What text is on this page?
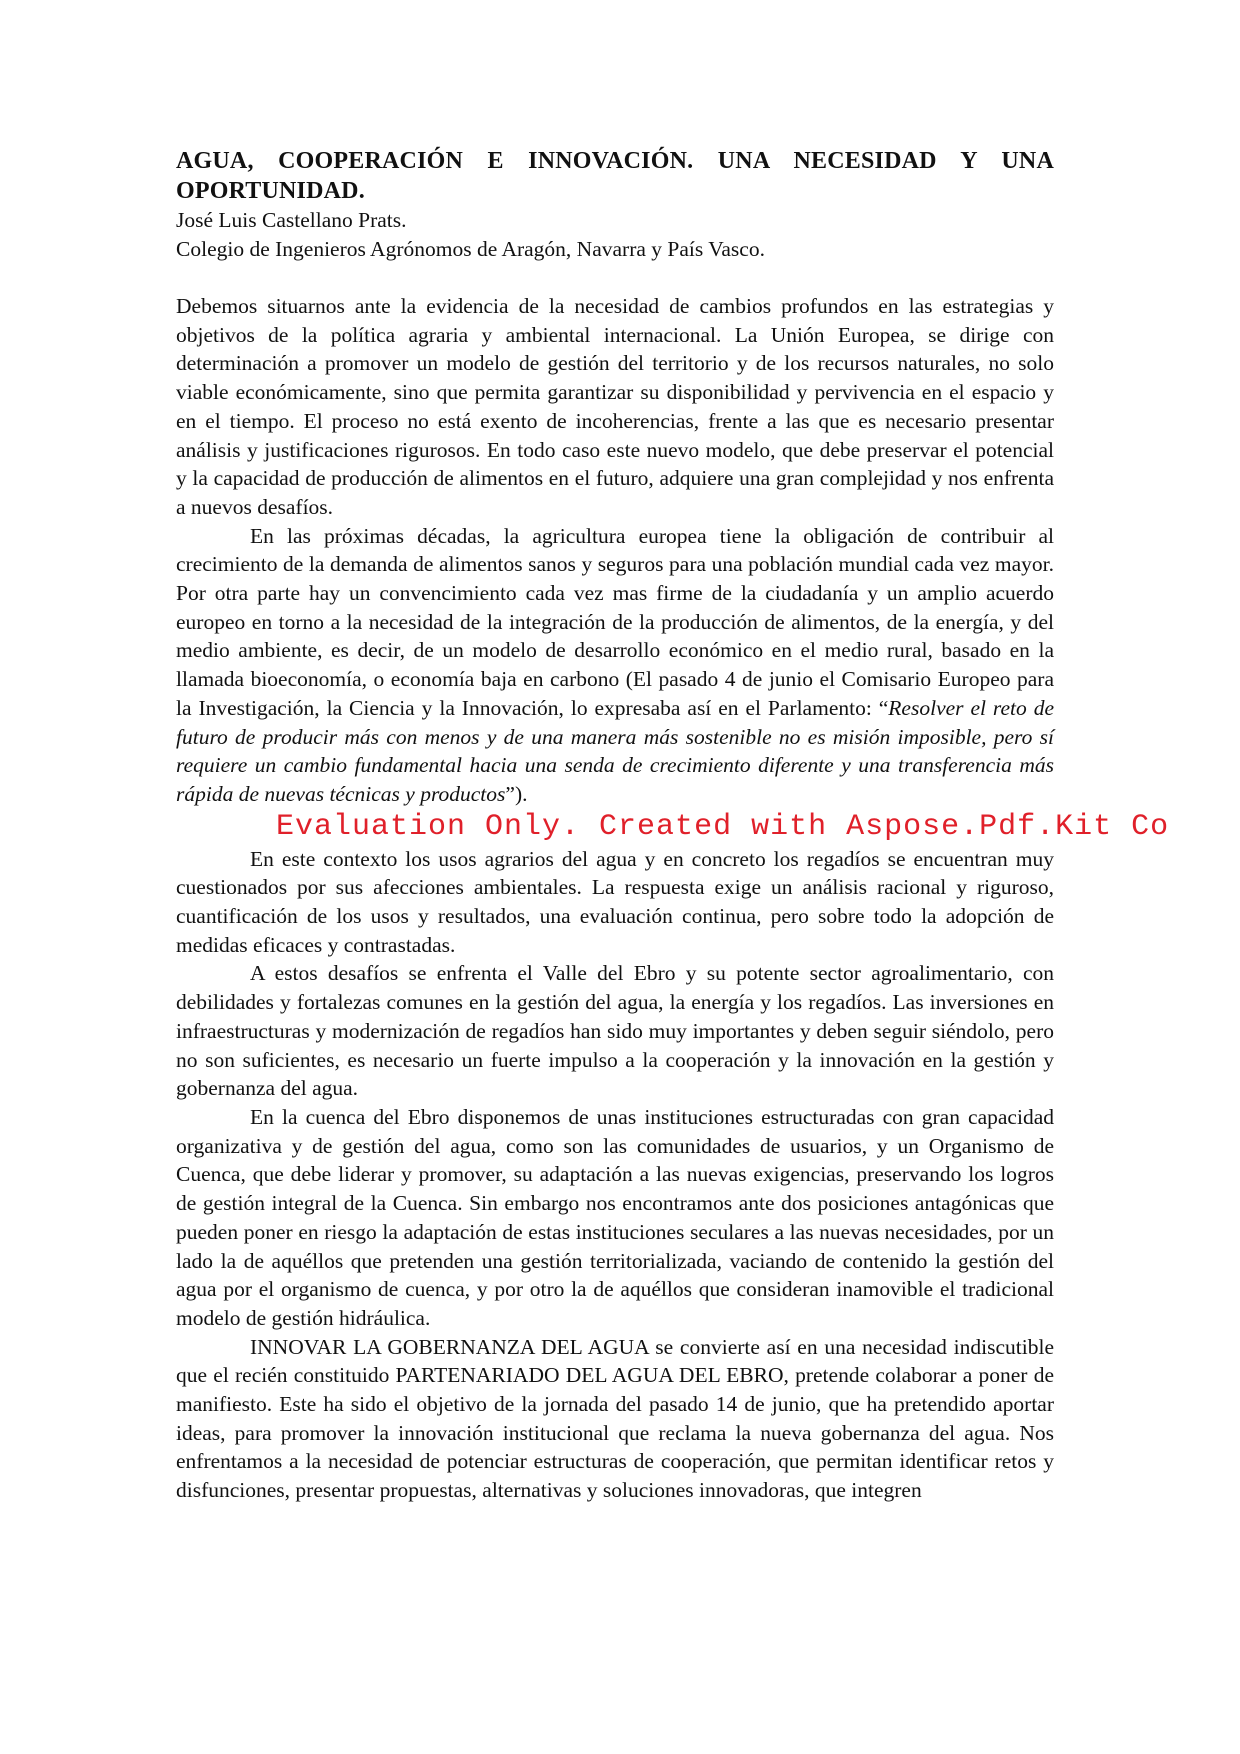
AGUA, COOPERACIÓN E INNOVACIÓN. UNA NECESIDAD Y UNA OPORTUNIDAD.

José Luis Castellano Prats.

Colegio de Ingenieros Agrónomos de Aragón, Navarra y País Vasco.

Debemos situarnos ante la evidencia de la necesidad de cambios profundos en las estrategias y objetivos de la política agraria y ambiental internacional. La Unión Europea, se dirige con determinación a promover un modelo de gestión del territorio y de los recursos naturales, no solo viable económicamente, sino que permita garantizar su disponibilidad y pervivencia en el espacio y en el tiempo. El proceso no está exento de incoherencias, frente a las que es necesario presentar análisis y justificaciones rigurosos. En todo caso este nuevo modelo, que debe preservar el potencial y la capacidad de producción de alimentos en el futuro, adquiere una gran complejidad y nos enfrenta a nuevos desafíos.

En las próximas décadas, la agricultura europea tiene la obligación de contribuir al crecimiento de la demanda de alimentos sanos y seguros para una población mundial cada vez mayor. Por otra parte hay un convencimiento cada vez mas firme de la ciudadanía y un amplio acuerdo europeo en torno a la necesidad de la integración de la producción de alimentos, de la energía, y del medio ambiente, es decir, de un modelo de desarrollo económico en el medio rural, basado en la llamada bioeconomía, o economía baja en carbono (El pasado 4 de junio el Comisario Europeo para la Investigación, la Ciencia y la Innovación, lo expresaba así en el Parlamento: “Resolver el reto de futuro de producir más con menos y de una manera más sostenible no es misión imposible, pero sí requiere un cambio fundamental hacia una senda de crecimiento diferente y una transferencia más rápida de nuevas técnicas y productos”).

Evaluation Only. Created with Aspose.Pdf.Kit Co

En este contexto los usos agrarios del agua y en concreto los regadíos se encuentran muy cuestionados por sus afecciones ambientales. La respuesta exige un análisis racional y riguroso, cuantificación de los usos y resultados, una evaluación continua, pero sobre todo la adopción de medidas eficaces y contrastadas.

A estos desafíos se enfrenta el Valle del Ebro y su potente sector agroalimentario, con debilidades y fortalezas comunes en la gestión del agua, la energía y los regadíos. Las inversiones en infraestructuras y modernización de regadíos han sido muy importantes y deben seguir siéndolo, pero no son suficientes, es necesario un fuerte impulso a la cooperación y la innovación en la gestión y gobernanza del agua.

En la cuenca del Ebro disponemos de unas instituciones estructuradas con gran capacidad organizativa y de gestión del agua, como son las comunidades de usuarios, y un Organismo de Cuenca, que debe liderar y promover, su adaptación a las nuevas exigencias, preservando los logros de gestión integral de la Cuenca. Sin embargo nos encontramos ante dos posiciones antagónicas que pueden poner en riesgo la adaptación de estas instituciones seculares a las nuevas necesidades, por un lado la de aquéllos que pretenden una gestión territorializada, vaciando de contenido la gestión del agua por el organismo de cuenca, y por otro la de aquéllos que consideran inamovible el tradicional modelo de gestión hidráulica.

INNOVAR LA GOBERNANZA DEL AGUA se convierte así en una necesidad indiscutible que el recién constituido PARTENARIADO DEL AGUA DEL EBRO, pretende colaborar a poner de manifiesto. Este ha sido el objetivo de la jornada del pasado 14 de junio, que ha pretendido aportar ideas, para promover la innovación institucional que reclama la nueva gobernanza del agua. Nos enfrentamos a la necesidad de potenciar estructuras de cooperación, que permitan identificar retos y disfunciones, presentar propuestas, alternativas y soluciones innovadoras, que integren
